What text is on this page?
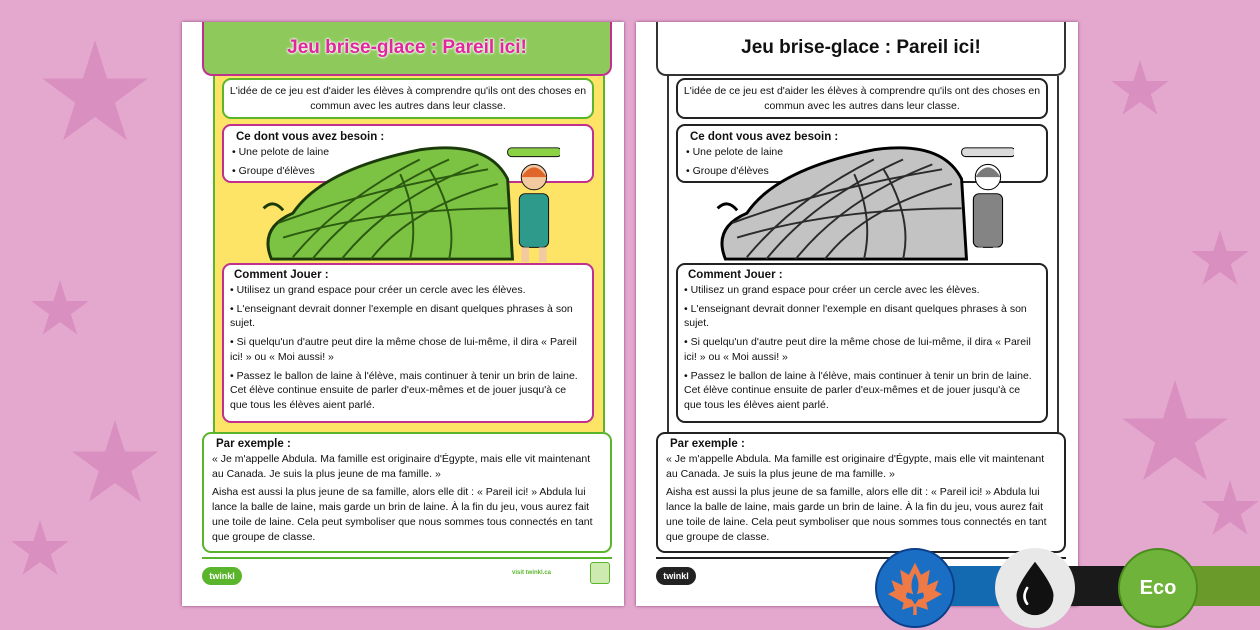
Jeu brise-glace : Pareil ici!
L'idée de ce jeu est d'aider les élèves à comprendre qu'ils ont des choses en commun avec les autres dans leur classe.
Ce dont vous avez besoin :
• Une pelote de laine
• Groupe d'élèves
Comment Jouer :
• Utilisez un grand espace pour créer un cercle avec les élèves.
• L'enseignant devrait donner l'exemple en disant quelques phrases à son sujet.
• Si quelqu'un d'autre peut dire la même chose de lui-même, il dira « Pareil ici! » ou « Moi aussi! »
• Passez le ballon de laine à l'élève, mais continuer à tenir un brin de laine. Cet élève continue ensuite de parler d'eux-mêmes et de jouer jusqu'à ce que tous les élèves aient parlé.
Par exemple :

« Je m'appelle Abdula. Ma famille est originaire d'Égypte, mais elle vit maintenant au Canada. Je suis la plus jeune de ma famille. »

Aisha est aussi la plus jeune de sa famille, alors elle dit : « Pareil ici! » Abdula lui lance la balle de laine, mais garde un brin de laine. À la fin du jeu, vous aurez fait une toile de laine. Cela peut symboliser que nous sommes tous connectés en tant que groupe de classe.

twinkl	visit twinkl.ca
Jeu brise-glace : Pareil ici!
L'idée de ce jeu est d'aider les élèves à comprendre qu'ils ont des choses en commun avec les autres dans leur classe.
Ce dont vous avez besoin :
• Une pelote de laine
• Groupe d'élèves
Comment Jouer :
• Utilisez un grand espace pour créer un cercle avec les élèves.
• L'enseignant devrait donner l'exemple en disant quelques phrases à son sujet.
• Si quelqu'un d'autre peut dire la même chose de lui-même, il dira « Pareil ici! » ou « Moi aussi! »
• Passez le ballon de laine à l'élève, mais continuer à tenir un brin de laine. Cet élève continue ensuite de parler d'eux-mêmes et de jouer jusqu'à ce que tous les élèves aient parlé.
Par exemple :

« Je m'appelle Abdula. Ma famille est originaire d'Égypte, mais elle vit maintenant au Canada. Je suis la plus jeune de ma famille. »

Aisha est aussi la plus jeune de sa famille, alors elle dit : « Pareil ici! » Abdula lui lance la balle de laine, mais garde un brin de laine. À la fin du jeu, vous aurez fait une toile de laine. Cela peut symboliser que nous sommes tous connectés en tant que groupe de classe.

twinkl
Eco
